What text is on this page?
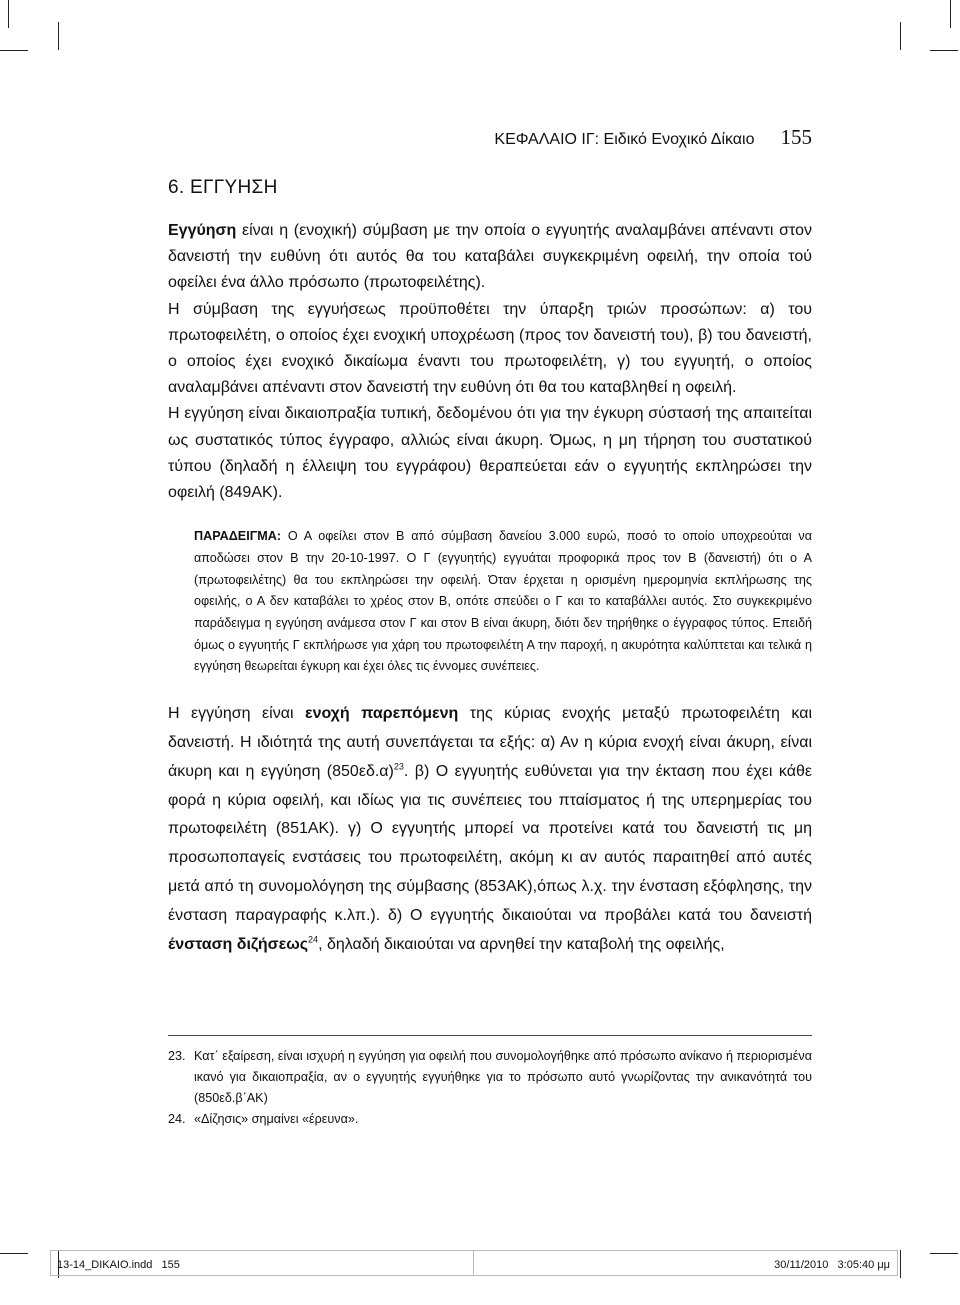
ΚΕΦΑΛΑΙΟ ΙΓ: Ειδικό Ενοχικό Δίκαιο 155
6. ΕΓΓΥΗΣΗ

Εγγύηση είναι η (ενοχική) σύμβαση με την οποία ο εγγυητής αναλαμβάνει απέναντι στον δανειστή την ευθύνη ότι αυτός θα του καταβάλει συγκεκριμένη οφειλή, την οποία τού οφείλει ένα άλλο πρόσωπο (πρωτοφειλέτης).

Η σύμβαση της εγγυήσεως προϋποθέτει την ύπαρξη τριών προσώπων: α) του πρωτοφειλέτη, ο οποίος έχει ενοχική υποχρέωση (προς τον δανειστή του), β) του δανειστή, ο οποίος έχει ενοχικό δικαίωμα έναντι του πρωτοφειλέτη, γ) του εγγυητή, ο οποίος αναλαμβάνει απέναντι στον δανειστή την ευθύνη ότι θα του καταβληθεί η οφειλή.

Η εγγύηση είναι δικαιοπραξία τυπική, δεδομένου ότι για την έγκυρη σύστασή της απαιτείται ως συστατικός τύπος έγγραφο, αλλιώς είναι άκυρη. Όμως, η μη τήρηση του συστατικού τύπου (δηλαδή η έλλειψη του εγγράφου) θεραπεύεται εάν ο εγγυητής εκπληρώσει την οφειλή (849ΑΚ).

ΠΑΡΑΔΕΙΓΜΑ: Ο Α οφείλει στον Β από σύμβαση δανείου 3.000 ευρώ, ποσό το οποίο υποχρεούται να αποδώσει στον Β την 20-10-1997. Ο Γ (εγγυητής) εγγυάται προφορικά προς τον Β (δανειστή) ότι ο Α (πρωτοφειλέτης) θα του εκπληρώσει την οφειλή. Όταν έρχεται η ορισμένη ημερομηνία εκπλήρωσης της οφειλής, ο Α δεν καταβάλει το χρέος στον Β, οπότε σπεύδει ο Γ και το καταβάλλει αυτός. Στο συγκεκριμένο παράδειγμα η εγγύηση ανάμεσα στον Γ και στον Β είναι άκυρη, διότι δεν τηρήθηκε ο έγγραφος τύπος. Επειδή όμως ο εγγυητής Γ εκπλήρωσε για χάρη του πρωτοφειλέτη Α την παροχή, η ακυρότητα καλύπτεται και τελικά η εγγύηση θεωρείται έγκυρη και έχει όλες τις έννομες συνέπειες.

Η εγγύηση είναι ενοχή παρεπόμενη της κύριας ενοχής μεταξύ πρωτοφειλέτη και δανειστή. Η ιδιότητά της αυτή συνεπάγεται τα εξής: α) Αν η κύρια ενοχή είναι άκυρη, είναι άκυρη και η εγγύηση $(850\varepsilon\delta.\alpha)^{23}$. β) Ο εγγυητής ευθύνεται για την έκταση που έχει κάθε φορά η κύρια οφειλή, και ιδίως για τις συνέπειες του πταίσματος ή της υπερημερίας του πρωτοφειλέτη (851ΑΚ). γ) Ο εγγυητής μπορεί να προτείνει κατά του δανειστή τις μη προσωποπαγείς ενστάσεις του πρωτοφειλέτη, ακόμη κι αν αυτός παραιτηθεί από αυτές μετά από τη συνομολόγηση της σύμβασης (853ΑΚ),όπως λ.χ. την ένσταση εξόφλησης, την ένσταση παραγραφής κ.λπ.). δ) Ο εγγυητής δικαιούται να προβάλει κατά του δανειστή ένσταση διζήσεως$^{24}$, δηλαδή δικαιούται να αρνηθεί την καταβολή της οφειλής,

23. Κατ΄ εξαίρεση, είναι ισχυρή η εγγύηση για οφειλή που συνομολογήθηκε από πρόσωπο ανίκανο ή περιορισμένα ικανό για δικαιοπραξία, αν ο εγγυητής εγγυήθηκε για το πρόσωπο αυτό γνωρίζοντας την ανικανότητά του (850εδ.β΄ΑΚ)
24. «Δίζησις» σημαίνει «έρευνα».
13-14_DIKAIO.indd   155	30/11/2010   3:05:40 μμ
